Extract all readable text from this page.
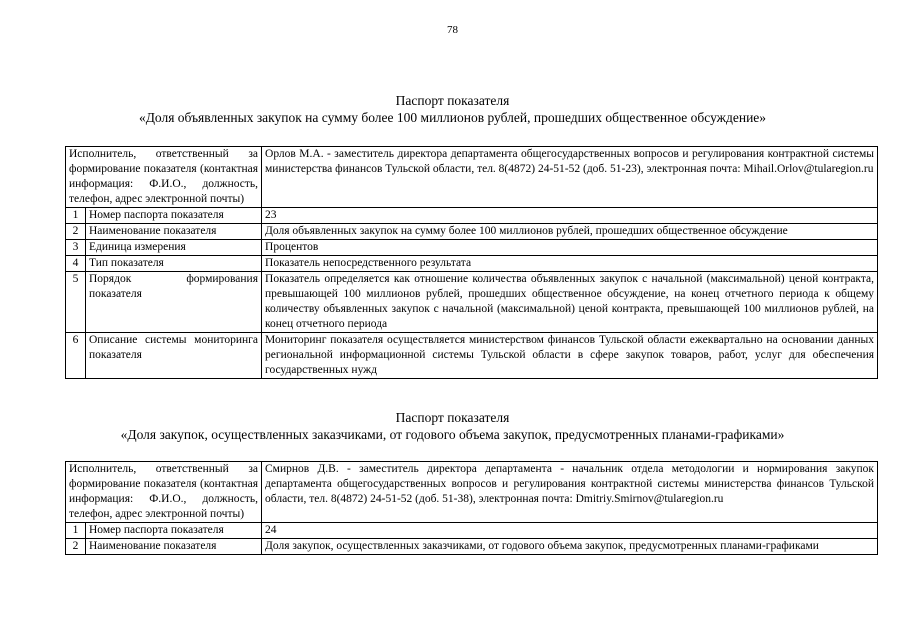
78
Паспорт показателя
«Доля объявленных закупок на сумму более 100 миллионов рублей, прошедших общественное обсуждение»
Исполнитель, ответственный за формирование показателя (контактная информация: Ф.И.О., должность, телефон, адрес электронной почты)		Орлов М.А. - заместитель директора департамента общегосударственных вопросов и регулирования контрактной системы министерства финансов Тульской области, тел. 8(4872) 24-51-52 (доб. 51-23), электронная почта: Mihail.Orlov@tularegion.ru
1	Номер паспорта показателя	23
2	Наименование показателя	Доля объявленных закупок на сумму более 100 миллионов рублей, прошедших общественное обсуждение
3	Единица измерения	Процентов
4	Тип показателя	Показатель непосредственного результата
5	Порядок формирования показателя	Показатель определяется как отношение количества объявленных закупок с начальной (максимальной) ценой контракта, превышающей 100 миллионов рублей, прошедших общественное обсуждение, на конец отчетного периода к общему количеству объявленных закупок с начальной (максимальной) ценой контракта, превышающей 100 миллионов рублей, на конец отчетного периода
6	Описание системы мониторинга показателя	Мониторинг показателя осуществляется министерством финансов Тульской области ежеквартально на основании данных региональной информационной системы Тульской области в сфере закупок товаров, работ, услуг для обеспечения государственных нужд
Паспорт показателя
«Доля закупок, осуществленных заказчиками, от годового объема закупок, предусмотренных планами-графиками»
Исполнитель, ответственный за формирование показателя (контактная информация: Ф.И.О., должность, телефон, адрес электронной почты)		Смирнов Д.В. - заместитель директора департамента - начальник отдела методологии и нормирования закупок департамента общегосударственных вопросов и регулирования контрактной системы министерства финансов Тульской области, тел. 8(4872) 24-51-52 (доб. 51-38), электронная почта: Dmitriy.Smirnov@tularegion.ru
1	Номер паспорта показателя	24
2	Наименование показателя	Доля закупок, осуществленных заказчиками, от годового объема закупок, предусмотренных планами-графиками
